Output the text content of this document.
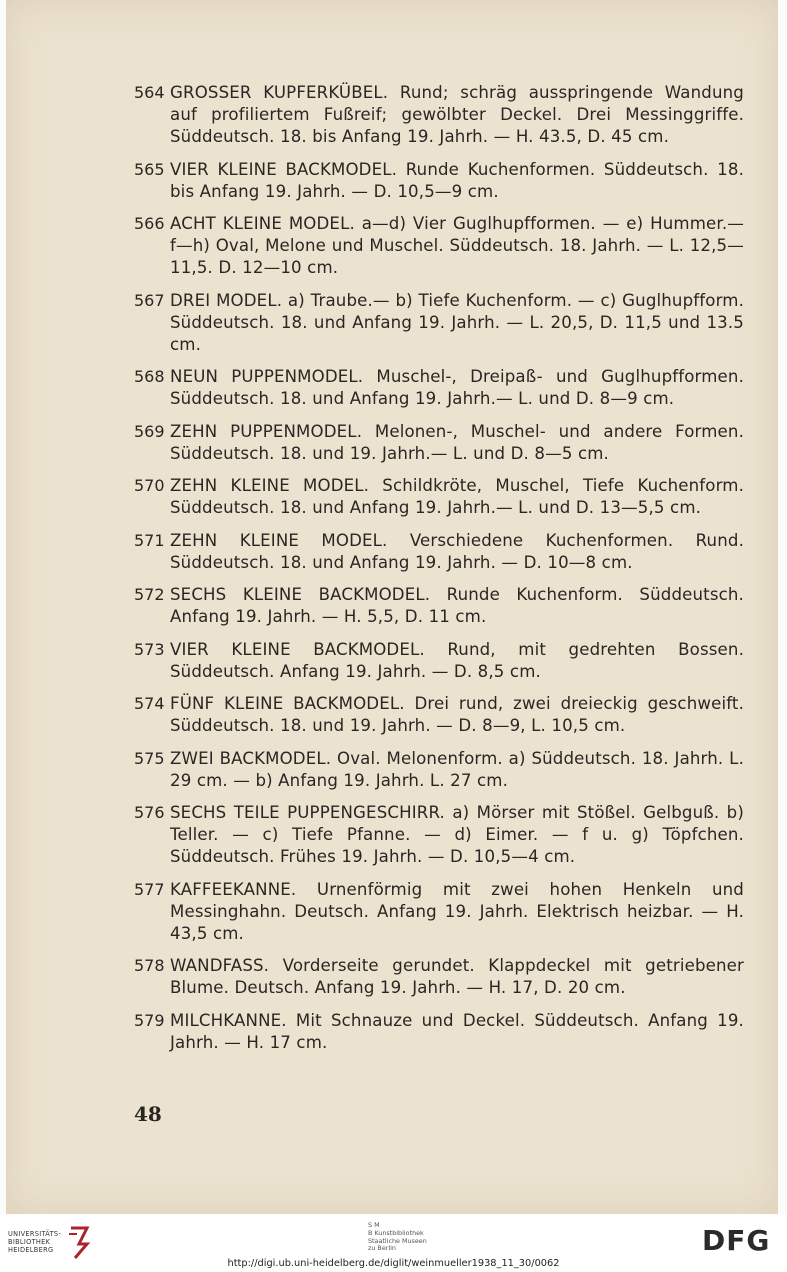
564 GROSSER KUPFERKÜBEL. Rund; schräg ausspringende Wandung auf profiliertem Fußreif; gewölbter Deckel. Drei Messinggriffe. Süddeutsch. 18. bis Anfang 19. Jahrh. — H. 43.5, D. 45 cm.

565 VIER KLEINE BACKMODEL. Runde Kuchenformen. Süddeutsch. 18. bis Anfang 19. Jahrh. — D. 10,5—9 cm.

566 ACHT KLEINE MODEL. a—d) Vier Guglhupfformen. — e) Hummer.— f—h) Oval, Melone und Muschel. Süddeutsch. 18. Jahrh. — L. 12,5—11,5. D. 12—10 cm.

567 DREI MODEL. a) Traube.— b) Tiefe Kuchenform. — c) Guglhupfform. Süddeutsch. 18. und Anfang 19. Jahrh. — L. 20,5, D. 11,5 und 13.5 cm.

568 NEUN PUPPENMODEL. Muschel-, Dreipaß- und Guglhupfformen. Süddeutsch. 18. und Anfang 19. Jahrh.— L. und D. 8—9 cm.

569 ZEHN PUPPENMODEL. Melonen-, Muschel- und andere Formen. Süddeutsch. 18. und 19. Jahrh.— L. und D. 8—5 cm.

570 ZEHN KLEINE MODEL. Schildkröte, Muschel, Tiefe Kuchenform. Süddeutsch. 18. und Anfang 19. Jahrh.— L. und D. 13—5,5 cm.

571 ZEHN KLEINE MODEL. Verschiedene Kuchenformen. Rund. Süddeutsch. 18. und Anfang 19. Jahrh. — D. 10—8 cm.

572 SECHS KLEINE BACKMODEL. Runde Kuchenform. Süddeutsch. Anfang 19. Jahrh. — H. 5,5, D. 11 cm.

573 VIER KLEINE BACKMODEL. Rund, mit gedrehten Bossen. Süddeutsch. Anfang 19. Jahrh. — D. 8,5 cm.

574 FÜNF KLEINE BACKMODEL. Drei rund, zwei dreieckig geschweift. Süddeutsch. 18. und 19. Jahrh. — D. 8—9, L. 10,5 cm.

575 ZWEI BACKMODEL. Oval. Melonenform. a) Süddeutsch. 18. Jahrh. L. 29 cm. — b) Anfang 19. Jahrh. L. 27 cm.

576 SECHS TEILE PUPPENGESCHIRR. a) Mörser mit Stößel. Gelbguß. b) Teller. — c) Tiefe Pfanne. — d) Eimer. — f u. g) Töpfchen. Süddeutsch. Frühes 19. Jahrh. — D. 10,5—4 cm.

577 KAFFEEKANNE. Urnenförmig mit zwei hohen Henkeln und Messinghahn. Deutsch. Anfang 19. Jahrh. Elektrisch heizbar. — H. 43,5 cm.

578 WANDFASS. Vorderseite gerundet. Klappdeckel mit getriebener Blume. Deutsch. Anfang 19. Jahrh. — H. 17, D. 20 cm.

579 MILCHKANNE. Mit Schnauze und Deckel. Süddeutsch. Anfang 19. Jahrh. — H. 17 cm.

48
UNIVERSITÄTS-
BIBLIOTHEK
HEIDELBERG
S M
B Kunstbibliothek
Staatliche Museen
zu Berlin	DFG
http://digi.ub.uni-heidelberg.de/diglit/weinmueller1938_11_30/0062
